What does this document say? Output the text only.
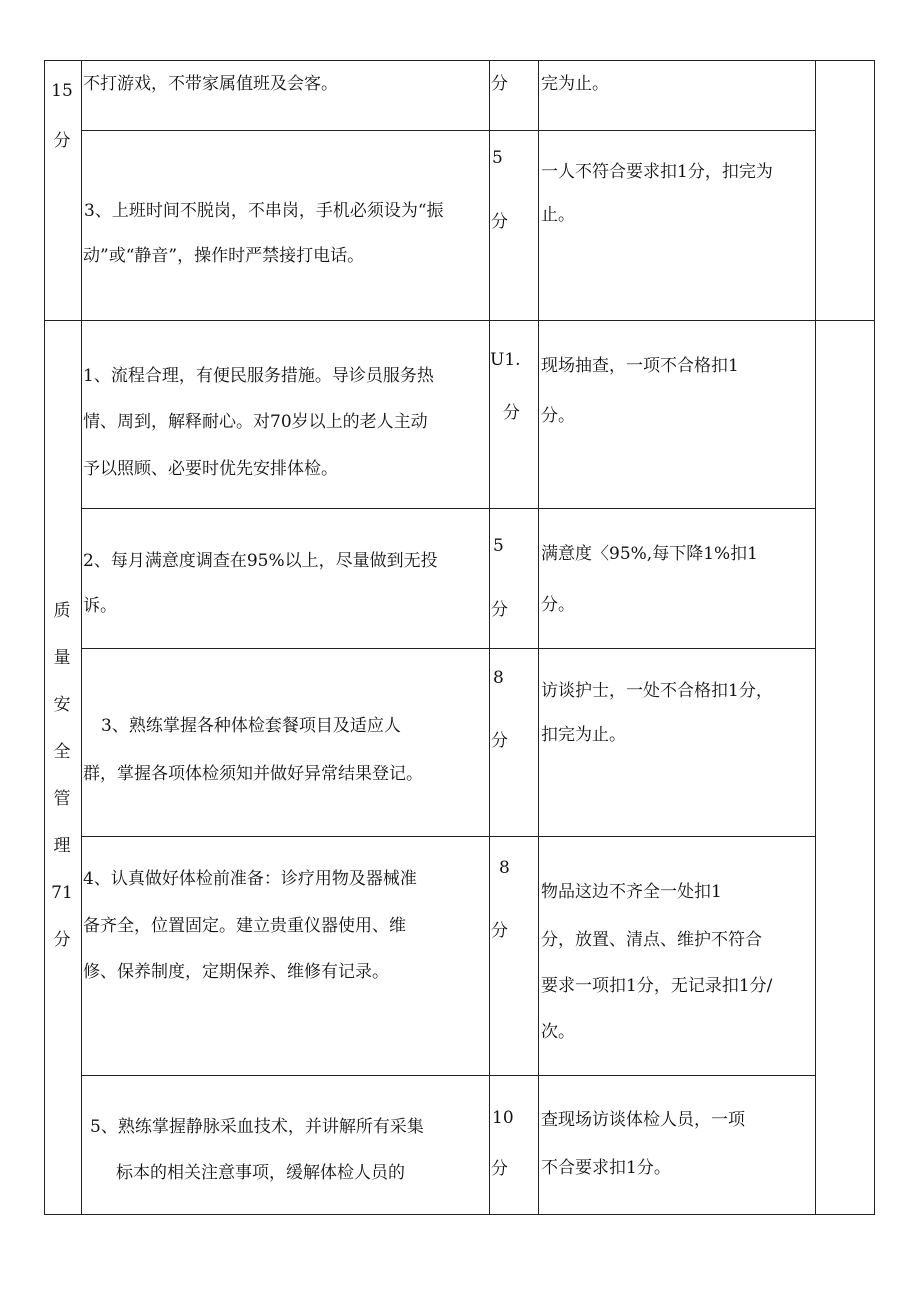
15
分
质
量
安
全
管
理
71
分
不打游戏，不带家属值班及会客。	分 完为止。
3、上班时间不脱岗，不串岗，手机必须设为“振
动”或“静音”，操作时严禁接打电话。
5
分
一人不符合要求扣1分，扣完为
止。
1、流程合理，有便民服务措施。导诊员服务热
情、周到，解释耐心。对70岁以上的老人主动
予以照顾、必要时优先安排体检。
U1.
分
现场抽查，一项不合格扣1
分。
2、每月满意度调查在95%以上，尽量做到无投
诉。
5
分
满意度〈95%,每下降1%扣1
分。
3、熟练掌握各种体检套餐项目及适应人
群，掌握各项体检须知并做好异常结果登记。
8
分
访谈护士，一处不合格扣1分，
扣完为止。
4、认真做好体检前准备：诊疗用物及器械准
备齐全，位置固定。建立贵重仪器使用、维
修、保养制度，定期保养、维修有记录。
8
分
物品这边不齐全一处扣1
分，放置、清点、维护不符合
要求一项扣1分，无记录扣1分/
次。
5、熟练掌握静脉采血技术，并讲解所有采集
标本的相关注意事项，缓解体检人员的
10
分
查现场访谈体检人员，一项
不合要求扣1分。
